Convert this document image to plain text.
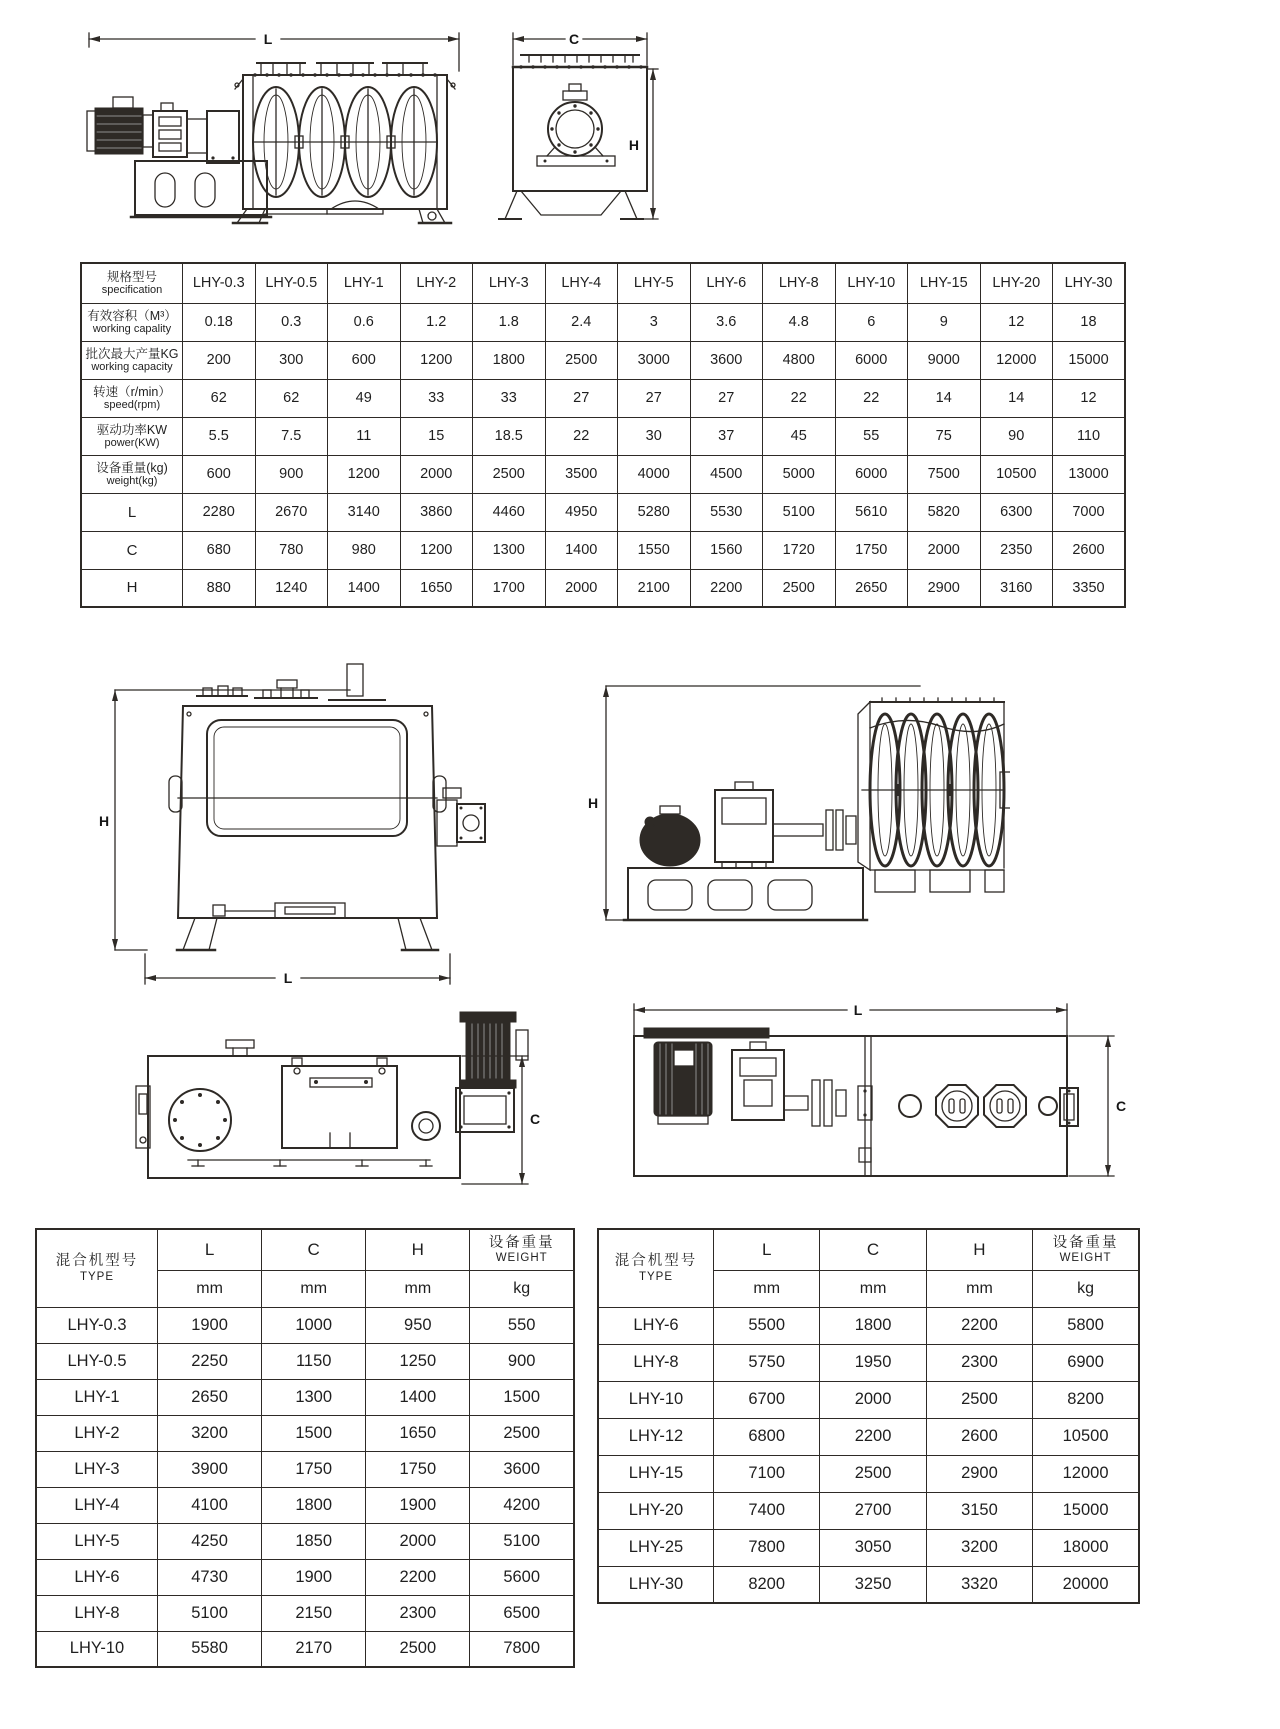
L	C
H
规格型号
specification	LHY-0.3	LHY-0.5	LHY-1	LHY-2	LHY-3	LHY-4	LHY-5	LHY-6	LHY-8	LHY-10	LHY-15	LHY-20	LHY-30

有效容积（M³）
working capality	0.18	0.3	0.6	1.2	1.8	2.4	3	3.6	4.8	6	9	12	18

批次最大产量KG
working capacity	200	300	600	1200	1800	2500	3000	3600	4800	6000	9000	12000	15000

转速（r/min）
speed(rpm)	62	62	49	33	33	27	27	27	22	22	14	14	12

驱动功率KW
power(KW)	5.5	7.5	11	15	18.5	22	30	37	45	55	75	90	110

设备重量(kg)
weight(kg)	600	900	1200	2000	2500	3500	4000	4500	5000	6000	7500	10500	13000
L	2280	2670	3140	3860	4460	4950	5280	5530	5100	5610	5820	6300	7000
C	680	780	980	1200	1300	1400	1550	1560	1720	1750	2000	2350	2600
H	880	1240	1400	1650	1700	2000	2100	2200	2500	2650	2900	3160	3350
H
L
H
C
L
C
混合机型号
TYPE
	L	C	H	设备重量
WEIGHT

	mm	mm	mm	kg
LHY-0.3	1900	1000	950	550
LHY-0.5	2250	1150	1250	900
LHY-1	2650	1300	1400	1500
LHY-2	3200	1500	1650	2500
LHY-3	3900	1750	1750	3600
LHY-4	4100	1800	1900	4200
LHY-5	4250	1850	2000	5100
LHY-6	4730	1900	2200	5600
LHY-8	5100	2150	2300	6500
LHY-10	5580	2170	2500	7800
混合机型号
TYPE
	L	C	H	设备重量
WEIGHT

	mm	mm	mm	kg
LHY-6	5500	1800	2200	5800
LHY-8	5750	1950	2300	6900
LHY-10	6700	2000	2500	8200
LHY-12	6800	2200	2600	10500
LHY-15	7100	2500	2900	12000
LHY-20	7400	2700	3150	15000
LHY-25	7800	3050	3200	18000
LHY-30	8200	3250	3320	20000
